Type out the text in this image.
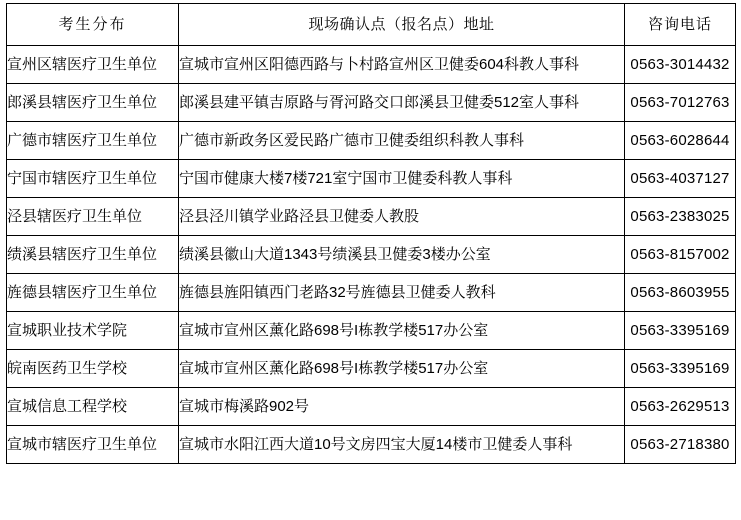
考生分布	现场确认点（报名点）地址	咨询电话
宣州区辖医疗卫生单位	宣城市宣州区阳德西路与卜村路宣州区卫健委604科教人事科	0563-3014432
郎溪县辖医疗卫生单位	郎溪县建平镇吉原路与胥河路交口郎溪县卫健委512室人事科	0563-7012763
广德市辖医疗卫生单位	广德市新政务区爱民路广德市卫健委组织科教人事科	0563-6028644
宁国市辖医疗卫生单位	宁国市健康大楼7楼721室宁国市卫健委科教人事科	0563-4037127
泾县辖医疗卫生单位	泾县泾川镇学业路泾县卫健委人教股	0563-2383025
绩溪县辖医疗卫生单位	绩溪县徽山大道1343号绩溪县卫健委3楼办公室	0563-8157002
旌德县辖医疗卫生单位	旌德县旌阳镇西门老路32号旌德县卫健委人教科	0563-8603955
宣城职业技术学院	宣城市宣州区薰化路698号I栋教学楼517办公室	0563-3395169
皖南医药卫生学校	宣城市宣州区薰化路698号I栋教学楼517办公室	0563-3395169
宣城信息工程学校	宣城市梅溪路902号	0563-2629513
宣城市辖医疗卫生单位	宣城市水阳江西大道10号文房四宝大厦14楼市卫健委人事科	0563-2718380
